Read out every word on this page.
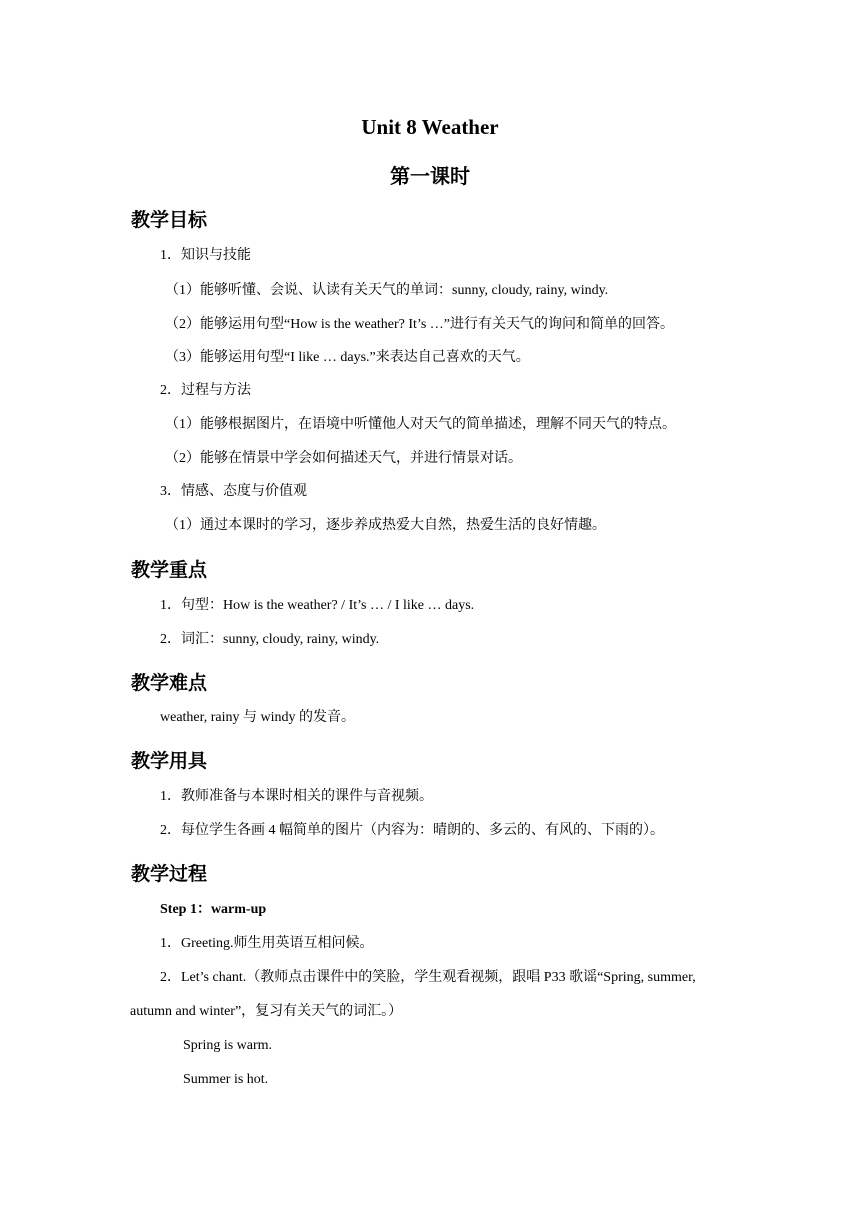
Unit 8 Weather
第一课时
教学目标
1．知识与技能
（1）能够听懂、会说、认读有关天气的单词：sunny, cloudy, rainy, windy.
（2）能够运用句型“How is the weather? It’s …”进行有关天气的询问和简单的回答。
（3）能够运用句型“I like … days.”来表达自己喜欢的天气。
2．过程与方法
（1）能够根据图片，在语境中听懂他人对天气的简单描述，理解不同天气的特点。
（2）能够在情景中学会如何描述天气，并进行情景对话。
3．情感、态度与价值观
（1）通过本课时的学习，逐步养成热爱大自然，热爱生活的良好情趣。
教学重点
1．句型：How is the weather? / It’s … / I like … days.
2．词汇：sunny, cloudy, rainy, windy.
教学难点
weather, rainy 与 windy 的发音。
教学用具
1．教师准备与本课时相关的课件与音视频。
2．每位学生各画 4 幅简单的图片（内容为：晴朗的、多云的、有风的、下雨的）。
教学过程
Step 1：warm-up
1．Greeting.师生用英语互相问候。
2．Let’s chant.（教师点击课件中的笑脸，学生观看视频，跟唱 P33 歌谣“Spring, summer,
autumn and winter”，复习有关天气的词汇。）
Spring is warm.
Summer is hot.
